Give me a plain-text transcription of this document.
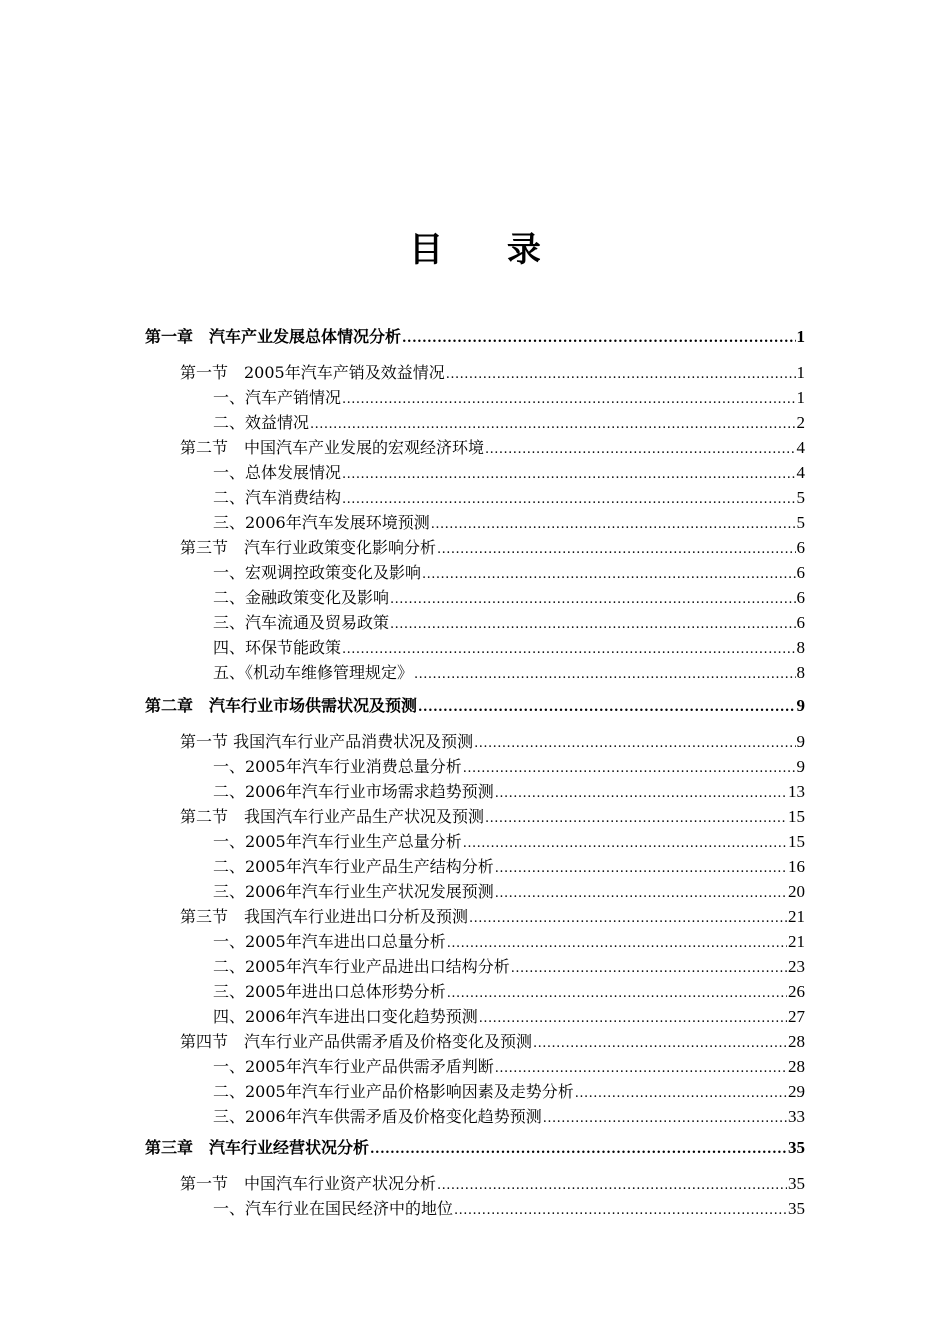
目 录
第一章　汽车产业发展总体情况分析 .....	1
第一节　2005年汽车产销及效益情况 .....	1
一、汽车产销情况 .....	1
二、效益情况 .....	2
第二节　中国汽车产业发展的宏观经济环境 .....	4
一、总体发展情况 .....	4
二、汽车消费结构 .....	5
三、2006年汽车发展环境预测 .....	5
第三节　汽车行业政策变化影响分析 .....	6
一、宏观调控政策变化及影响 .....	6
二、金融政策变化及影响 .....	6
三、汽车流通及贸易政策 .....	6
四、环保节能政策 .....	8
五、《机动车维修管理规定》 .....	8
第二章　汽车行业市场供需状况及预测 .....	9
第一节 我国汽车行业产品消费状况及预测 .....	9
一、2005年汽车行业消费总量分析 .....	9
二、2006年汽车行业市场需求趋势预测 .....	13
第二节　我国汽车行业产品生产状况及预测 .....	15
一、2005年汽车行业生产总量分析 .....	15
二、2005年汽车行业产品生产结构分析 .....	16
三、2006年汽车行业生产状况发展预测 .....	20
第三节　我国汽车行业进出口分析及预测 .....	21
一、2005年汽车进出口总量分析 .....	21
二、2005年汽车行业产品进出口结构分析 .....	23
三、2005年进出口总体形势分析 .....	26
四、2006年汽车进出口变化趋势预测 .....	27
第四节　汽车行业产品供需矛盾及价格变化及预测 .....	28
一、2005年汽车行业产品供需矛盾判断 .....	28
二、2005年汽车行业产品价格影响因素及走势分析 .....	29
三、2006年汽车供需矛盾及价格变化趋势预测 .....	33
第三章　汽车行业经营状况分析 .....	35
第一节　中国汽车行业资产状况分析 .....	35
一、汽车行业在国民经济中的地位 .....	35
